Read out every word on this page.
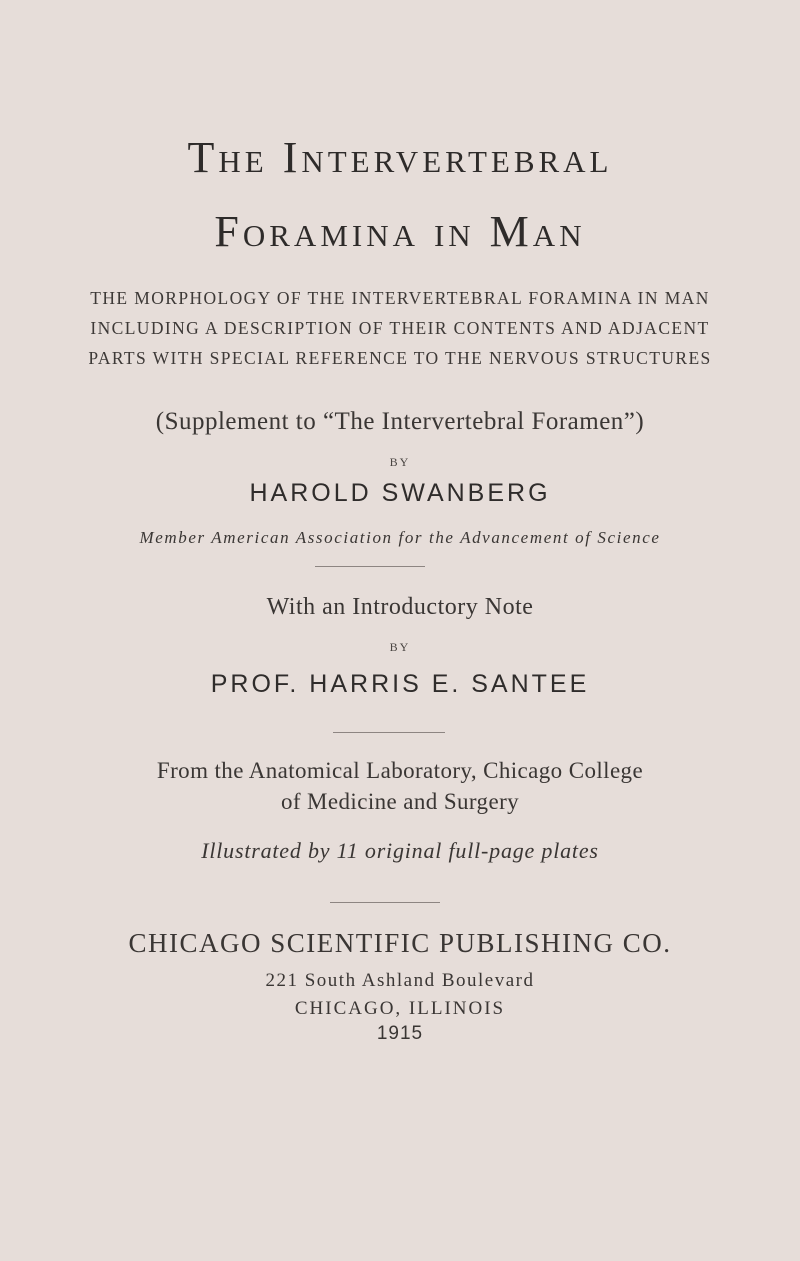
The Intervertebral
Foramina in Man
THE MORPHOLOGY OF THE INTERVERTEBRAL FORAMINA IN MAN
INCLUDING A DESCRIPTION OF THEIR CONTENTS AND ADJACENT
PARTS WITH SPECIAL REFERENCE TO THE NERVOUS STRUCTURES
(Supplement to “The Intervertebral Foramen”)
BY
HAROLD SWANBERG
Member American Association for the Advancement of Science
With an Introductory Note
BY
PROF. HARRIS E. SANTEE
From the Anatomical Laboratory, Chicago College
of Medicine and Surgery
Illustrated by 11 original full-page plates
CHICAGO SCIENTIFIC PUBLISHING CO.
221 South Ashland Boulevard
CHICAGO, ILLINOIS
1915
